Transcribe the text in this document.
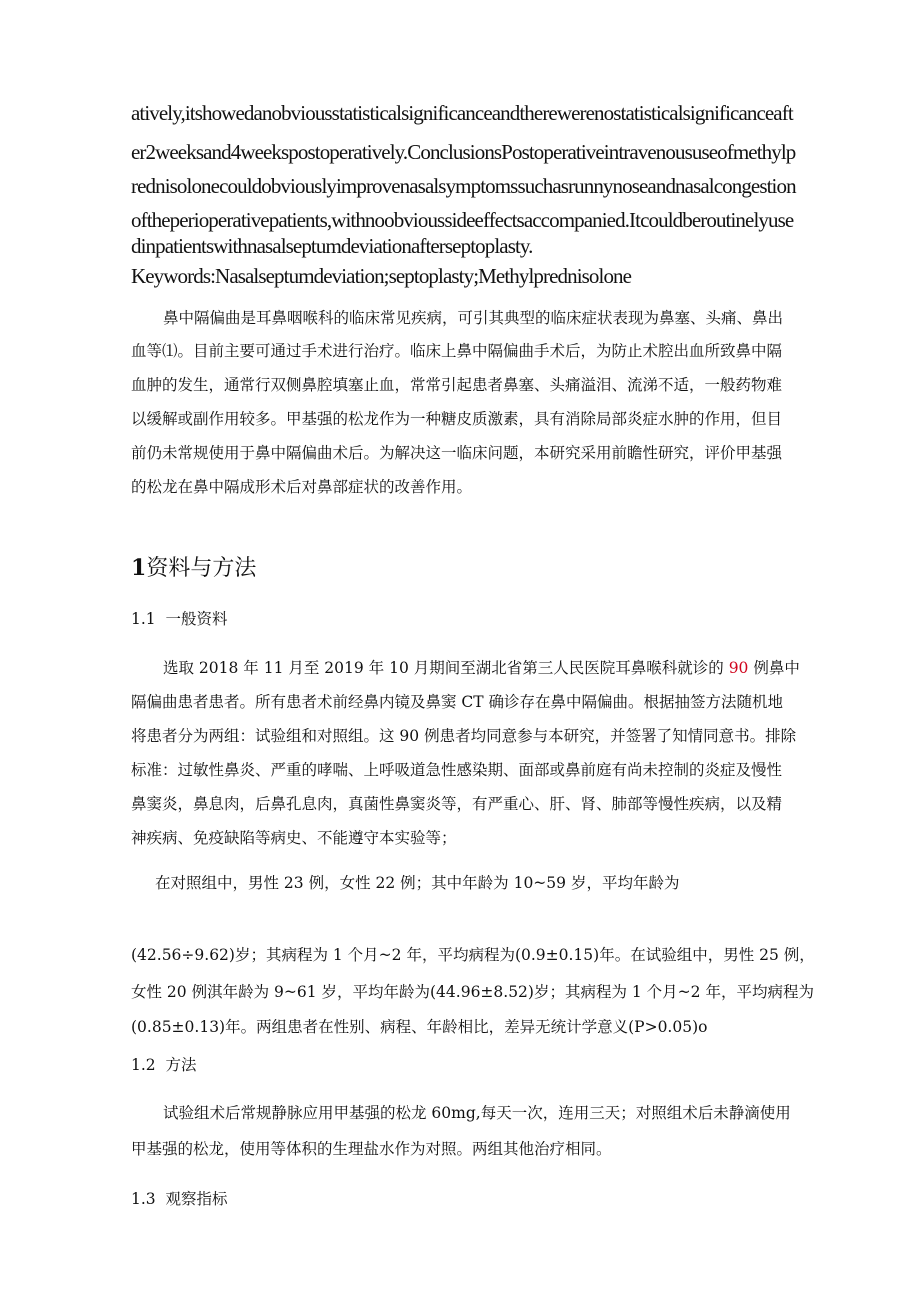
atively,itshowedanobviousstatisticalsignificanceandtherewerenostatisticalsignificanceaft
er2weeksand4weekspostoperatively.ConclusionsPostoperativeintravenoususeofmethylp
rednisolonecouldobviouslyimprovenasalsymptomssuchasrunnynoseandnasalcongestion
oftheperioperativepatients,withnoobvioussideeffectsaccompanied.Itcouldberoutinelyuse
dinpatientswithnasalseptumdeviationafterseptoplasty.
Keywords:Nasalseptumdeviation;septoplasty;Methylprednisolone
鼻中隔偏曲是耳鼻咽喉科的临床常见疾病，可引其典型的临床症状表现为鼻塞、头痛、鼻出
血等⑴。目前主要可通过手术进行治疗。临床上鼻中隔偏曲手术后，为防止术腔出血所致鼻中隔
血肿的发生，通常行双侧鼻腔填塞止血，常常引起患者鼻塞、头痛溢泪、流涕不适，一般药物难
以缓解或副作用较多。甲基强的松龙作为一种糖皮质激素，具有消除局部炎症水肿的作用，但目
前仍未常规使用于鼻中隔偏曲术后。为解决这一临床问题，本研究采用前瞻性研究，评价甲基强
的松龙在鼻中隔成形术后对鼻部症状的改善作用。
1资料与方法
1.1 一般资料
选取 2018 年 11 月至 2019 年 10 月期间至湖北省第三人民医院耳鼻喉科就诊的 90 例鼻中
隔偏曲患者患者。所有患者术前经鼻内镜及鼻窦 CT 确诊存在鼻中隔偏曲。根据抽签方法随机地
将患者分为两组：试验组和对照组。这 90 例患者均同意参与本研究，并签署了知情同意书。排除
标准：过敏性鼻炎、严重的哮喘、上呼吸道急性感染期、面部或鼻前庭有尚未控制的炎症及慢性
鼻窦炎，鼻息肉，后鼻孔息肉，真菌性鼻窦炎等，有严重心、肝、肾、肺部等慢性疾病，以及精
神疾病、免疫缺陷等病史、不能遵守本实验等；
在对照组中，男性 23 例，女性 22 例；其中年龄为 10~59 岁，平均年龄为
(42.56÷9.62)岁；其病程为 1 个月~2 年，平均病程为(0.9±0.15)年。在试验组中，男性 25 例，
女性 20 例淇年龄为 9~61 岁，平均年龄为(44.96±8.52)岁；其病程为 1 个月~2 年，平均病程为
(0.85±0.13)年。两组患者在性别、病程、年龄相比，差异无统计学意义(P>0.05)o
1.2 方法
试验组术后常规静脉应用甲基强的松龙 60mg,每天一次，连用三天；对照组术后未静滴使用
甲基强的松龙，使用等体积的生理盐水作为对照。两组其他治疗相同。
1.3 观察指标
